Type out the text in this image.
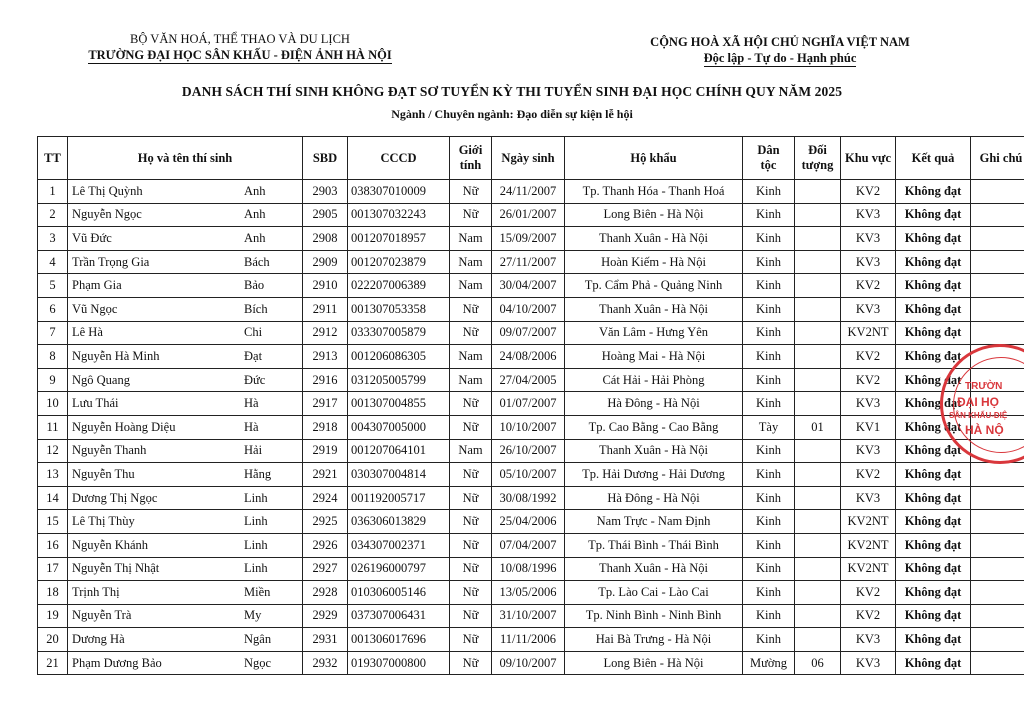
BỘ VĂN HOÁ, THỂ THAO VÀ DU LỊCH
TRƯỜNG ĐẠI HỌC SÂN KHẤU - ĐIỆN ẢNH HÀ NỘI
CỘNG HOÀ XÃ HỘI CHỦ NGHĨA VIỆT NAM
Độc lập - Tự do - Hạnh phúc
DANH SÁCH THÍ SINH KHÔNG ĐẠT SƠ TUYỂN KỲ THI TUYỂN SINH ĐẠI HỌC CHÍNH QUY NĂM 2025
Ngành / Chuyên ngành: Đạo diễn sự kiện lễ hội
TT	Họ và tên thí sinh	SBD	CCCD	Giới
tính	Ngày sinh	Hộ khẩu	Dân
tộc	Đối
tượng	Khu vực	Kết quả	Ghi chú
1	Lê Thị Quỳnh Anh	2903	038307010009	Nữ	24/11/2007	Tp. Thanh Hóa - Thanh Hoá	Kinh		KV2	Không đạt	
2	Nguyễn Ngọc Anh	2905	001307032243	Nữ	26/01/2007	Long Biên - Hà Nội	Kinh		KV3	Không đạt	
3	Vũ Đức Anh	2908	001207018957	Nam	15/09/2007	Thanh Xuân - Hà Nội	Kinh		KV3	Không đạt	
4	Trần Trọng Gia Bách	2909	001207023879	Nam	27/11/2007	Hoàn Kiếm - Hà Nội	Kinh		KV3	Không đạt	
5	Phạm Gia Bảo	2910	022207006389	Nam	30/04/2007	Tp. Cẩm Phả - Quảng Ninh	Kinh		KV2	Không đạt	
6	Vũ Ngọc Bích	2911	001307053358	Nữ	04/10/2007	Thanh Xuân - Hà Nội	Kinh		KV3	Không đạt	
7	Lê Hà Chi	2912	033307005879	Nữ	09/07/2007	Văn Lâm - Hưng Yên	Kinh		KV2NT	Không đạt	
8	Nguyễn Hà Minh Đạt	2913	001206086305	Nam	24/08/2006	Hoàng Mai - Hà Nội	Kinh		KV2	Không đạt	
9	Ngô Quang Đức	2916	031205005799	Nam	27/04/2005	Cát Hải - Hải Phòng	Kinh		KV2	Không đạt	
10	Lưu Thái Hà	2917	001307004855	Nữ	01/07/2007	Hà Đông - Hà Nội	Kinh		KV3	Không đạt	
11	Nguyễn Hoàng Diệu Hà	2918	004307005000	Nữ	10/10/2007	Tp. Cao Bằng - Cao Bằng	Tày	01	KV1	Không đạt	
12	Nguyễn Thanh Hải	2919	001207064101	Nam	26/10/2007	Thanh Xuân - Hà Nội	Kinh		KV3	Không đạt	
13	Nguyễn Thu Hằng	2921	030307004814	Nữ	05/10/2007	Tp. Hải Dương - Hải Dương	Kinh		KV2	Không đạt	
14	Dương Thị Ngọc Linh	2924	001192005717	Nữ	30/08/1992	Hà Đông - Hà Nội	Kinh		KV3	Không đạt	
15	Lê Thị Thùy Linh	2925	036306013829	Nữ	25/04/2006	Nam Trực - Nam Định	Kinh		KV2NT	Không đạt	
16	Nguyễn Khánh Linh	2926	034307002371	Nữ	07/04/2007	Tp. Thái Bình - Thái Bình	Kinh		KV2NT	Không đạt	
17	Nguyễn Thị Nhật Linh	2927	026196000797	Nữ	10/08/1996	Thanh Xuân - Hà Nội	Kinh		KV2NT	Không đạt	
18	Trịnh Thị Miền	2928	010306005146	Nữ	13/05/2006	Tp. Lào Cai - Lào Cai	Kinh		KV2	Không đạt	
19	Nguyễn Trà My	2929	037307006431	Nữ	31/10/2007	Tp. Ninh Bình - Ninh Bình	Kinh		KV2	Không đạt	
20	Dương Hà Ngân	2931	001306017696	Nữ	11/11/2006	Hai Bà Trưng - Hà Nội	Kinh		KV3	Không đạt	
21	Phạm Dương Bảo Ngọc	2932	019307000800	Nữ	09/10/2007	Long Biên - Hà Nội	Mường	06	KV3	Không đạt	
TRƯỜN
ĐẠI HỌ
SÂN KHẤU-ĐIỆ
HÀ NỘ
